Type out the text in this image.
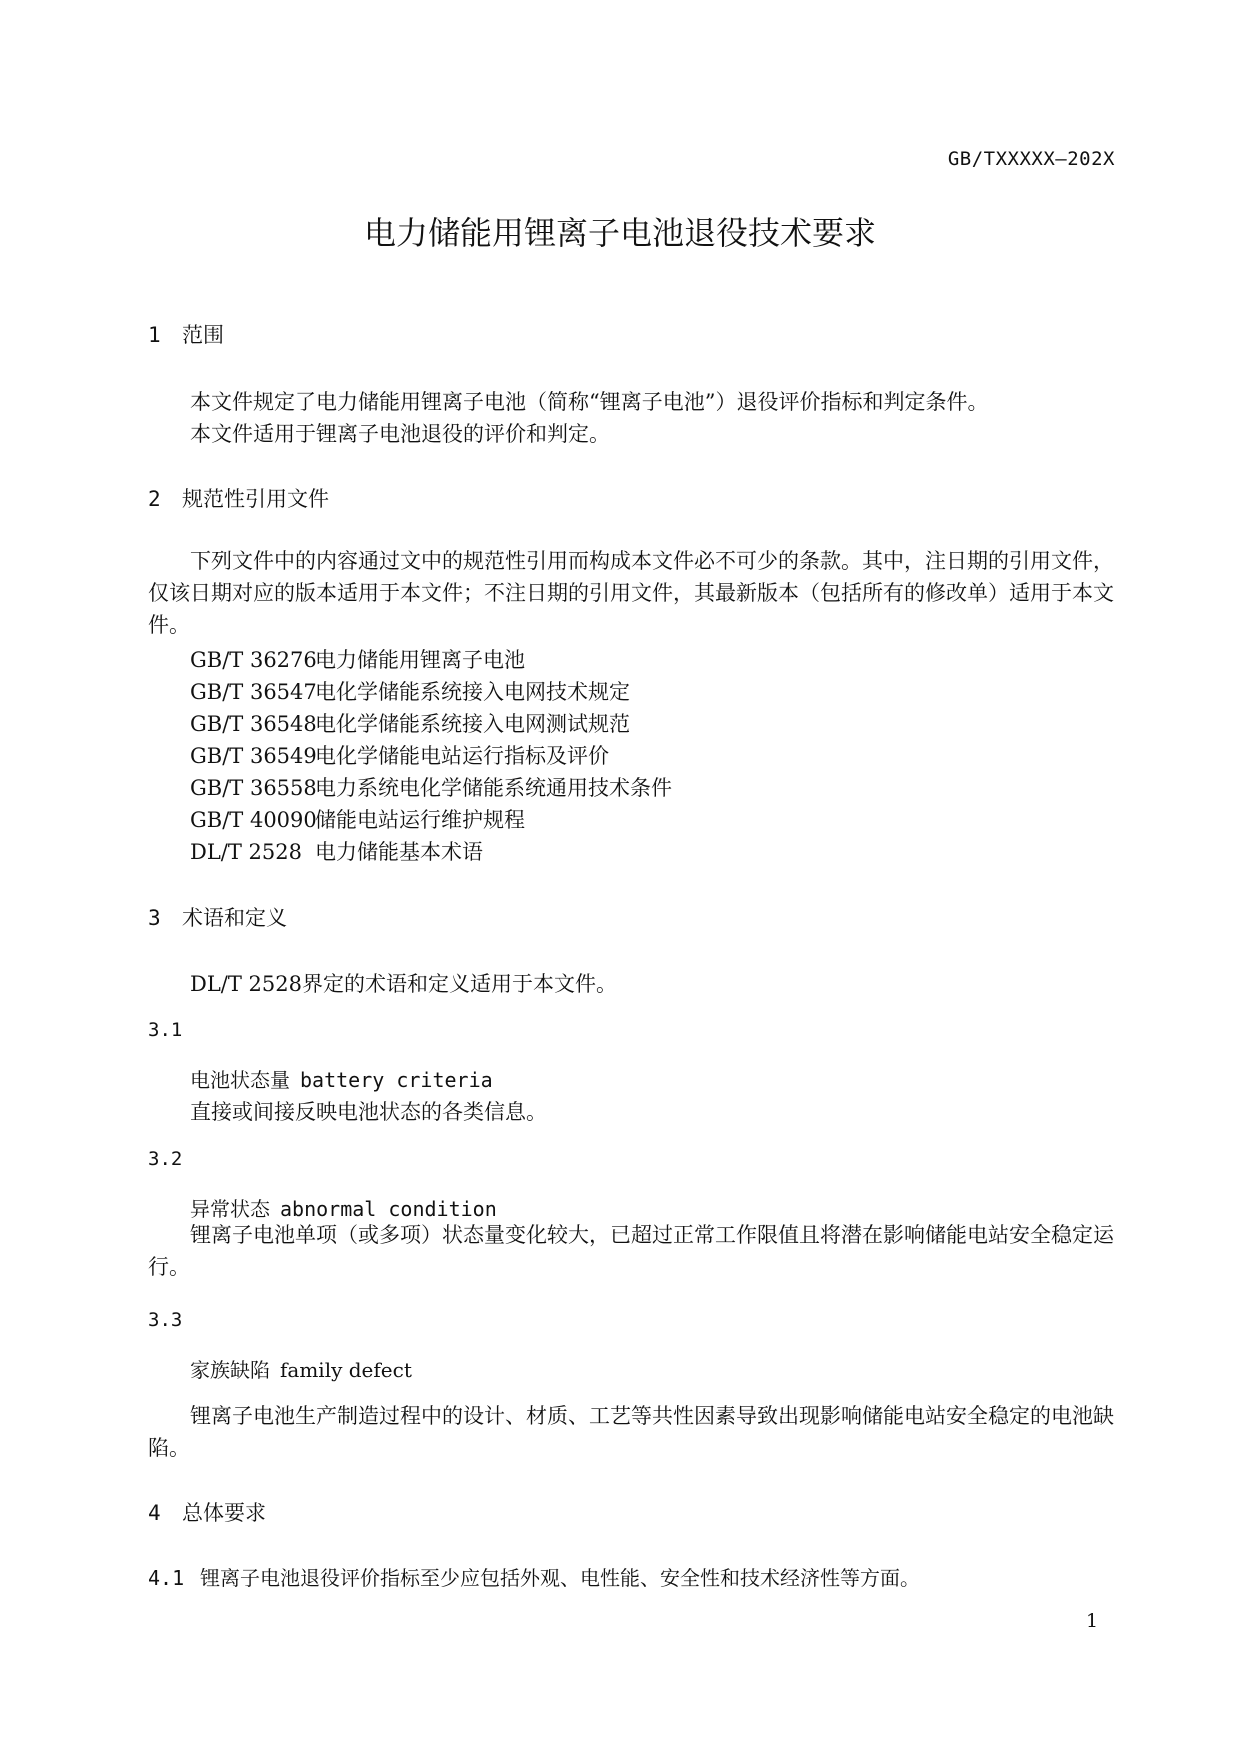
GB/TXXXXX—202X
电力储能用锂离子电池退役技术要求
1 范围
本文件规定了电力储能用锂离子电池（简称“锂离子电池”）退役评价指标和判定条件。
本文件适用于锂离子电池退役的评价和判定。
2 规范性引用文件
下列文件中的内容通过文中的规范性引用而构成本文件必不可少的条款。其中，注日期的引用文件，仅该日期对应的版本适用于本文件；不注日期的引用文件，其最新版本（包括所有的修改单）适用于本文件。
GB/T 36276电力储能用锂离子电池
GB/T 36547电化学储能系统接入电网技术规定
GB/T 36548电化学储能系统接入电网测试规范
GB/T 36549电化学储能电站运行指标及评价
GB/T 36558电力系统电化学储能系统通用技术条件
GB/T 40090储能电站运行维护规程
DL/T 2528 电力储能基本术语
3 术语和定义
DL/T 2528界定的术语和定义适用于本文件。
3.1
电池状态量 battery criteria
直接或间接反映电池状态的各类信息。
3.2
异常状态 abnormal condition
锂离子电池单项（或多项）状态量变化较大，已超过正常工作限值且将潜在影响储能电站安全稳定运行。
3.3
家族缺陷 family defect
锂离子电池生产制造过程中的设计、材质、工艺等共性因素导致出现影响储能电站安全稳定的电池缺陷。
4 总体要求
4.1 锂离子电池退役评价指标至少应包括外观、电性能、安全性和技术经济性等方面。
1
